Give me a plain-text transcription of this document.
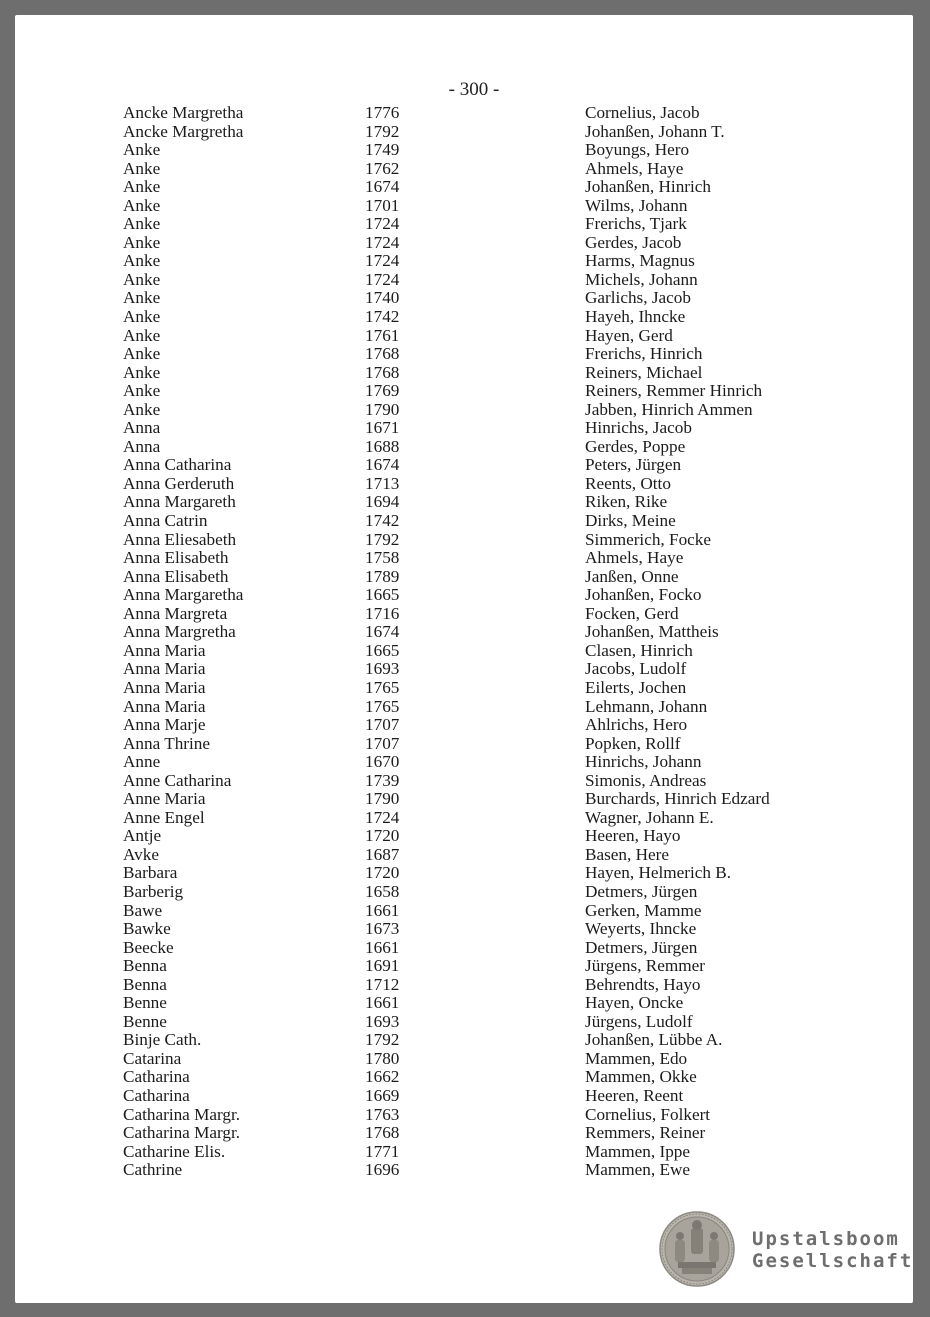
- 300 -
Ancke Margretha	1776	Cornelius, Jacob
Ancke Margretha	1792	Johanßen, Johann T.
Anke	1749	Boyungs, Hero
Anke	1762	Ahmels, Haye
Anke	1674	Johanßen, Hinrich
Anke	1701	Wilms, Johann
Anke	1724	Frerichs, Tjark
Anke	1724	Gerdes, Jacob
Anke	1724	Harms, Magnus
Anke	1724	Michels, Johann
Anke	1740	Garlichs, Jacob
Anke	1742	Hayeh, Ihncke
Anke	1761	Hayen, Gerd
Anke	1768	Frerichs, Hinrich
Anke	1768	Reiners, Michael
Anke	1769	Reiners, Remmer Hinrich
Anke	1790	Jabben, Hinrich Ammen
Anna	1671	Hinrichs, Jacob
Anna	1688	Gerdes, Poppe
Anna Catharina	1674	Peters, Jürgen
Anna Gerderuth	1713	Reents, Otto
Anna Margareth	1694	Riken, Rike
Anna Catrin	1742	Dirks, Meine
Anna Eliesabeth	1792	Simmerich, Focke
Anna Elisabeth	1758	Ahmels, Haye
Anna Elisabeth	1789	Janßen, Onne
Anna Margaretha	1665	Johanßen, Focko
Anna Margreta	1716	Focken, Gerd
Anna Margretha	1674	Johanßen, Mattheis
Anna Maria	1665	Clasen, Hinrich
Anna Maria	1693	Jacobs, Ludolf
Anna Maria	1765	Eilerts, Jochen
Anna Maria	1765	Lehmann, Johann
Anna Marje	1707	Ahlrichs, Hero
Anna Thrine	1707	Popken, Rollf
Anne	1670	Hinrichs, Johann
Anne Catharina	1739	Simonis, Andreas
Anne Maria	1790	Burchards, Hinrich Edzard
Anne Engel	1724	Wagner, Johann E.
Antje	1720	Heeren, Hayo
Avke	1687	Basen, Here
Barbara	1720	Hayen, Helmerich B.
Barberig	1658	Detmers, Jürgen
Bawe	1661	Gerken, Mamme
Bawke	1673	Weyerts, Ihncke
Beecke	1661	Detmers, Jürgen
Benna	1691	Jürgens, Remmer
Benna	1712	Behrendts, Hayo
Benne	1661	Hayen, Oncke
Benne	1693	Jürgens, Ludolf
Binje Cath.	1792	Johanßen, Lübbe A.
Catarina	1780	Mammen, Edo
Catharina	1662	Mammen, Okke
Catharina	1669	Heeren, Reent
Catharina Margr.	1763	Cornelius, Folkert
Catharina Margr.	1768	Remmers, Reiner
Catharine Elis.	1771	Mammen, Ippe
Cathrine	1696	Mammen, Ewe
Upstalsboom
Gesellschaft
